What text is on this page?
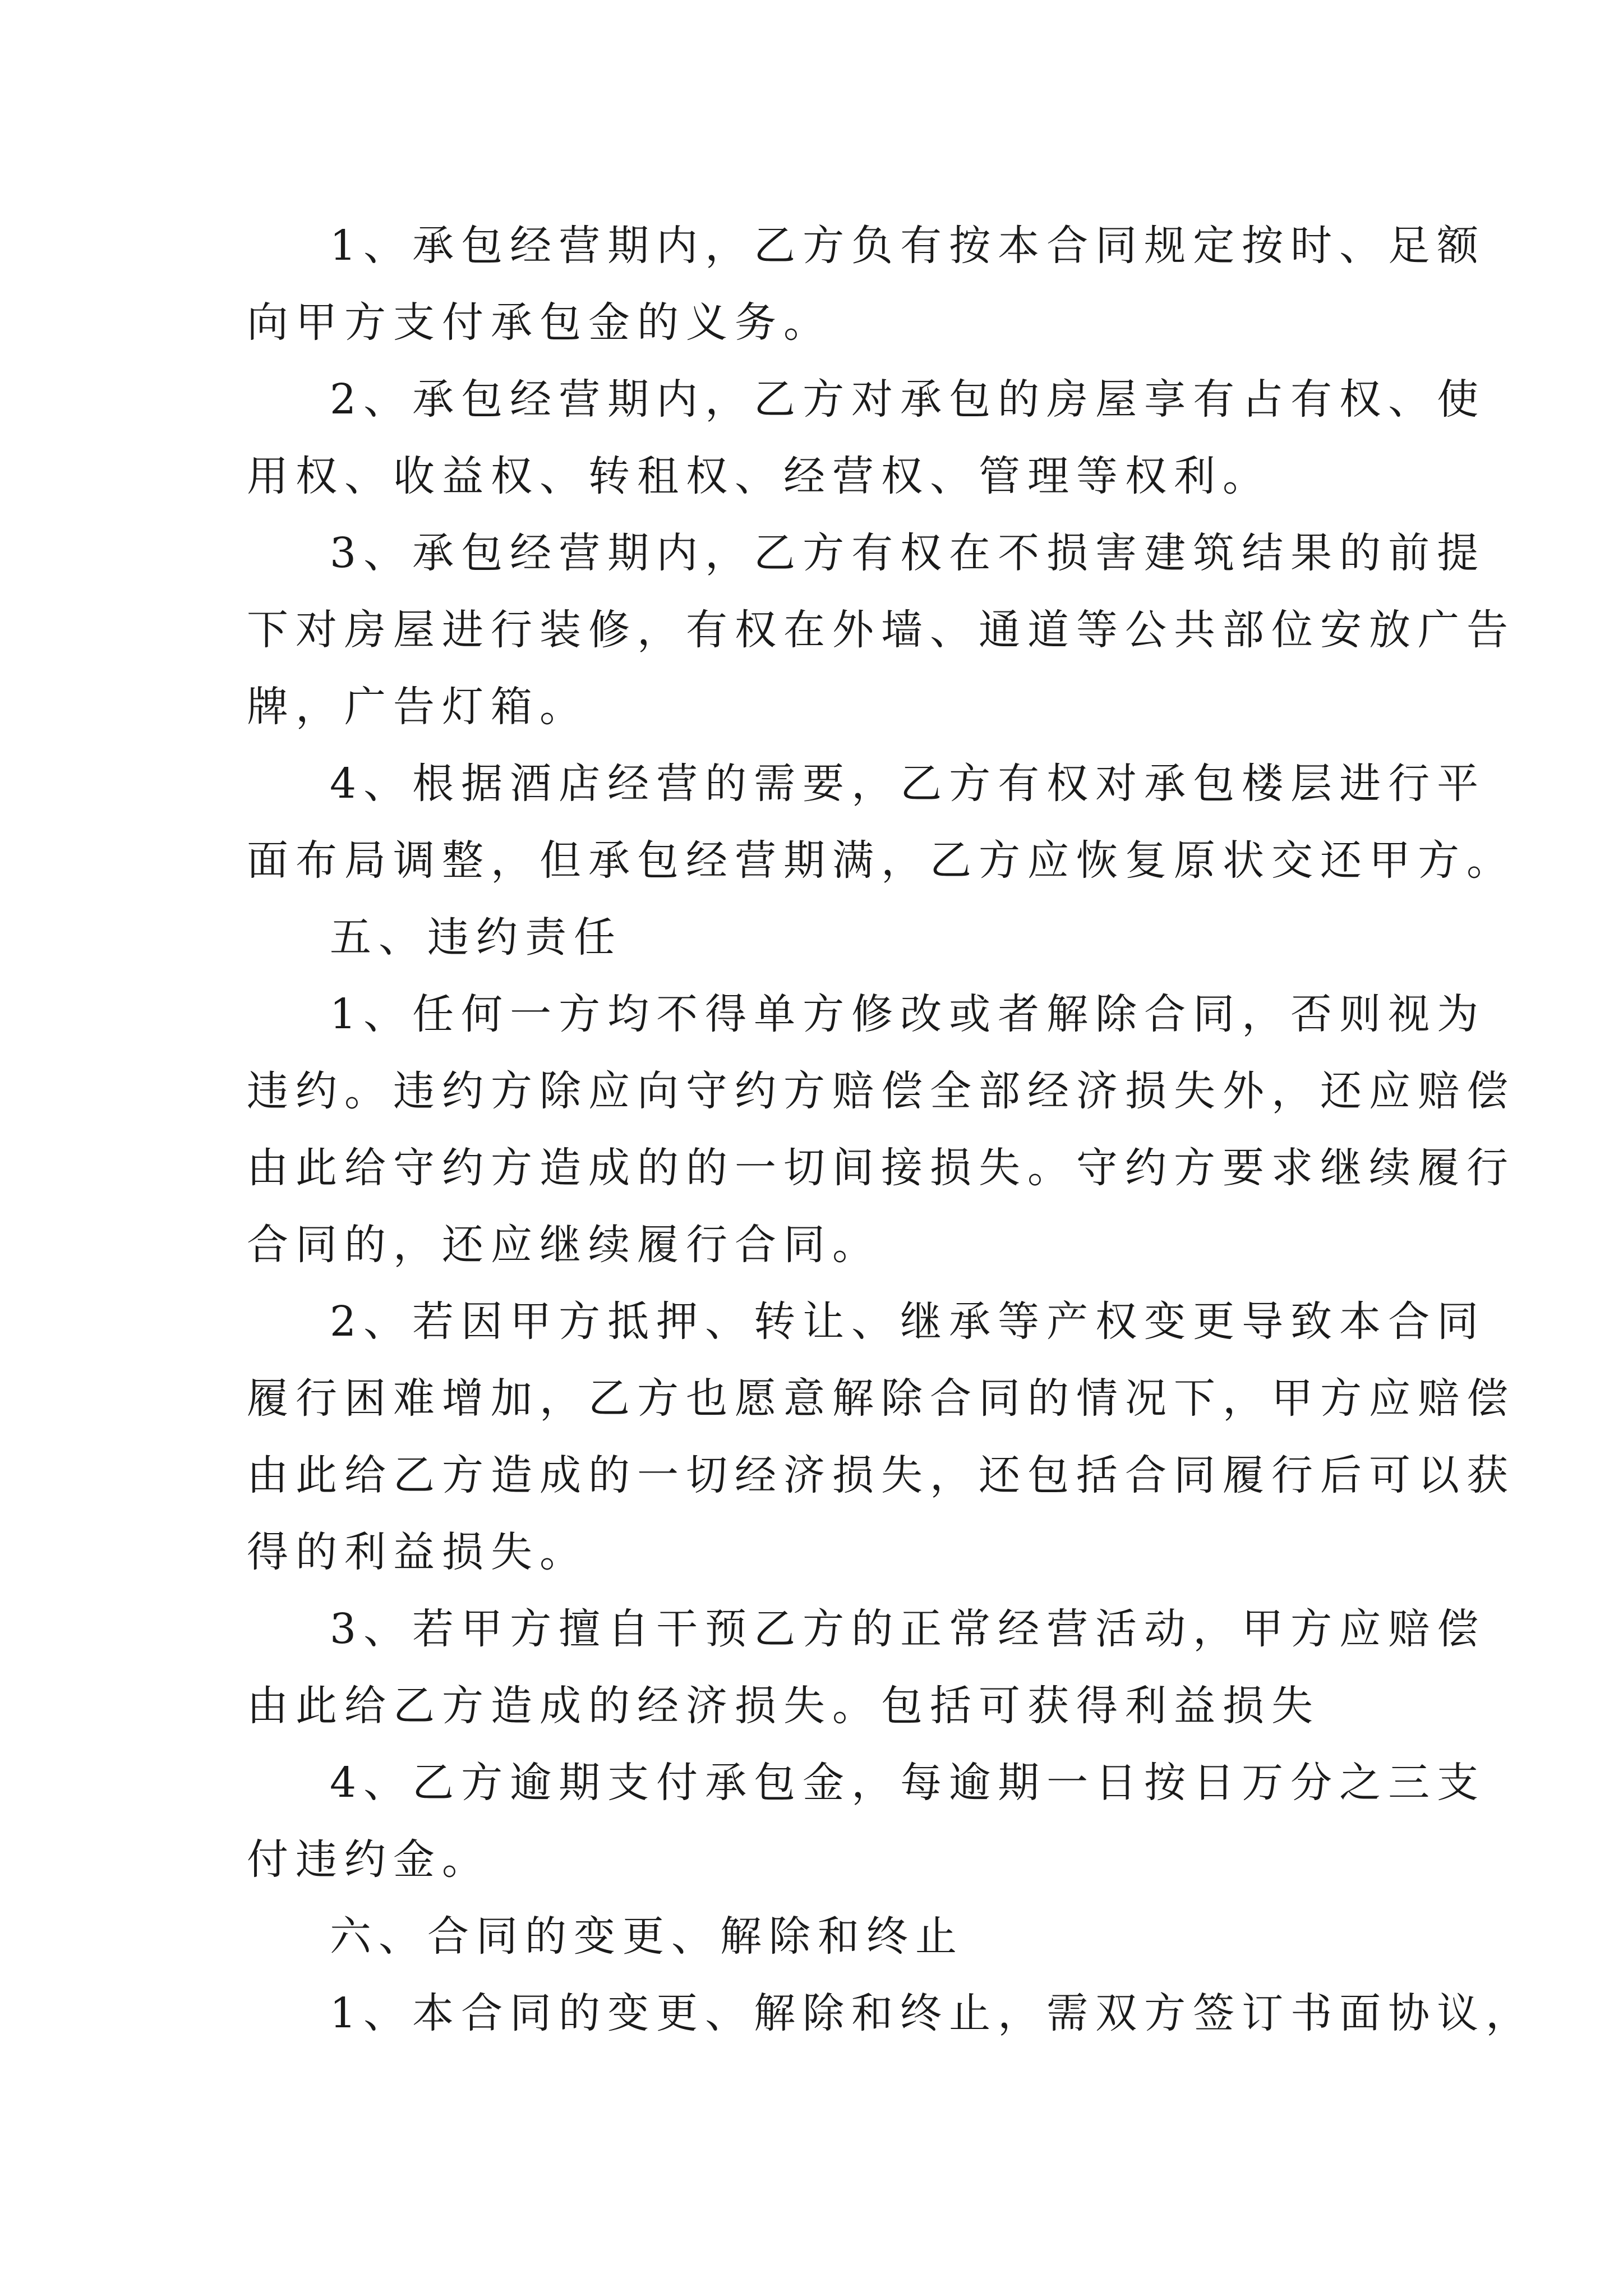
1、承包经营期内，乙方负有按本合同规定按时、足额
向甲方支付承包金的义务。
2、承包经营期内，乙方对承包的房屋享有占有权、使
用权、收益权、转租权、经营权、管理等权利。
3、承包经营期内，乙方有权在不损害建筑结果的前提
下对房屋进行装修，有权在外墙、通道等公共部位安放广告
牌，广告灯箱。
4、根据酒店经营的需要，乙方有权对承包楼层进行平
面布局调整，但承包经营期满，乙方应恢复原状交还甲方。
五、违约责任
1、任何一方均不得单方修改或者解除合同，否则视为
违约。违约方除应向守约方赔偿全部经济损失外，还应赔偿
由此给守约方造成的的一切间接损失。守约方要求继续履行
合同的，还应继续履行合同。
2、若因甲方抵押、转让、继承等产权变更导致本合同
履行困难增加，乙方也愿意解除合同的情况下，甲方应赔偿
由此给乙方造成的一切经济损失，还包括合同履行后可以获
得的利益损失。
3、若甲方擅自干预乙方的正常经营活动，甲方应赔偿
由此给乙方造成的经济损失。包括可获得利益损失
4、乙方逾期支付承包金，每逾期一日按日万分之三支
付违约金。
六、合同的变更、解除和终止
1、本合同的变更、解除和终止，需双方签订书面协议，
